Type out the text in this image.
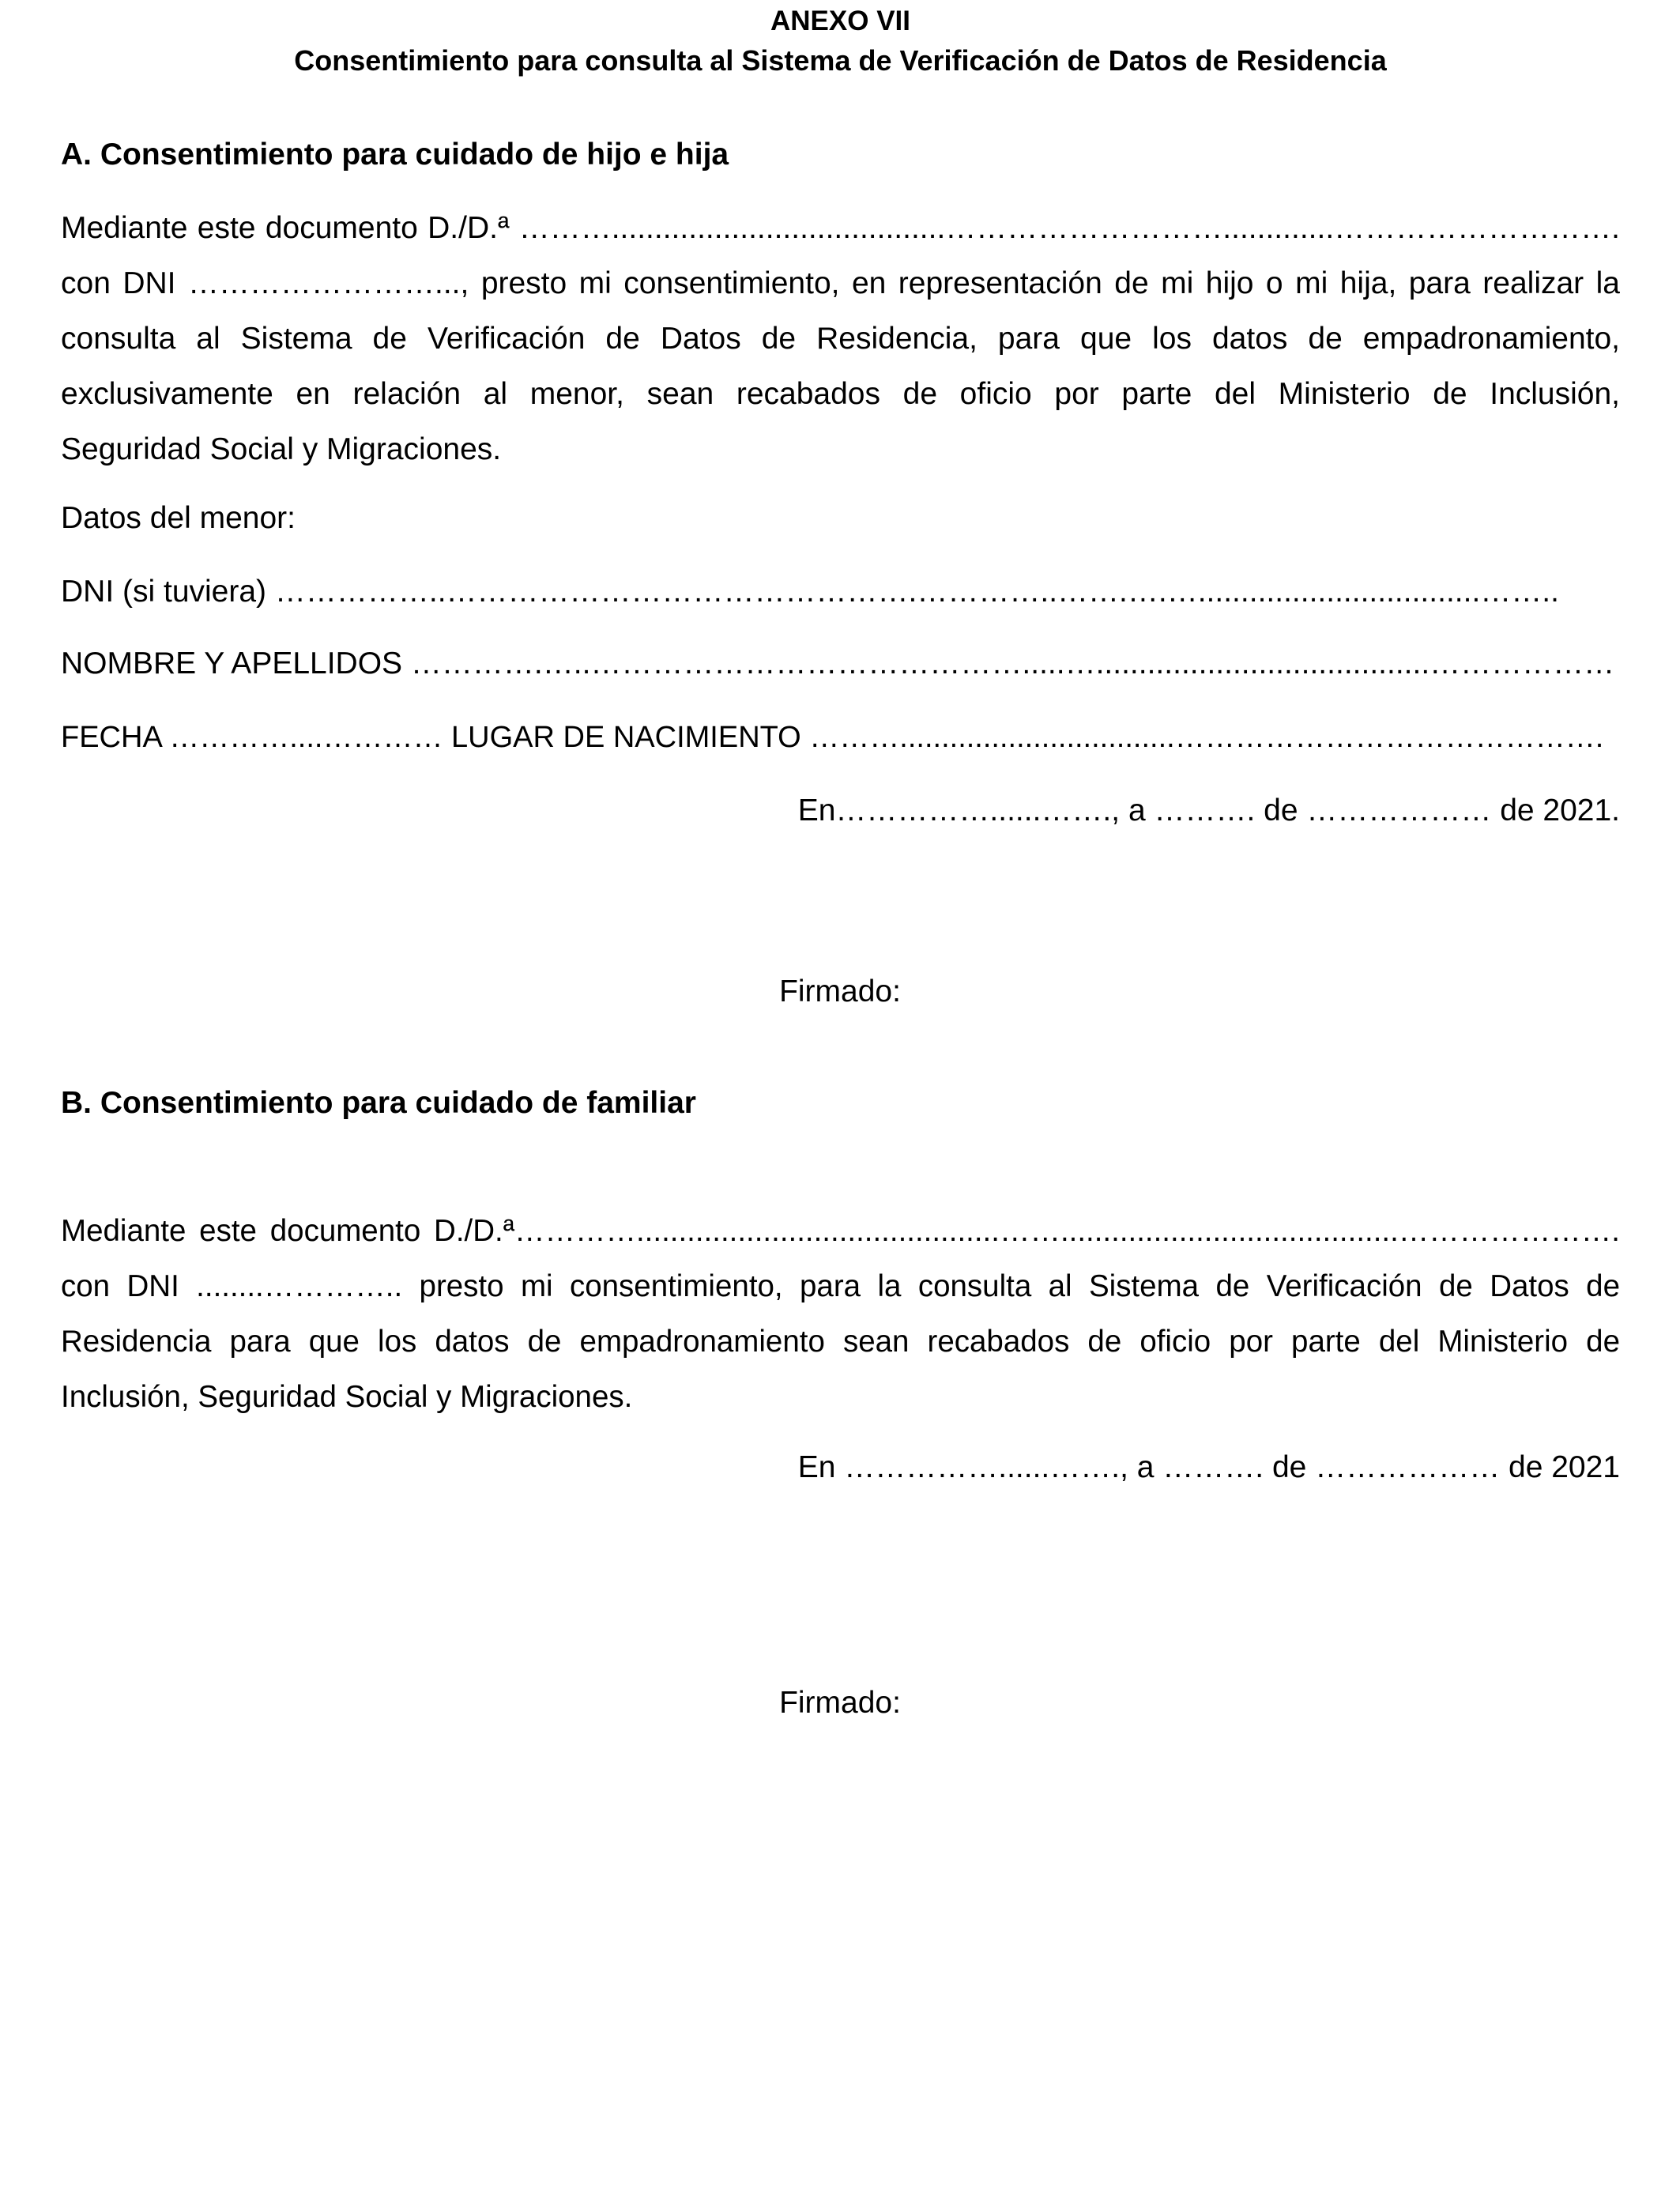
ANEXO VII
Consentimiento para consulta al Sistema de Verificación de Datos de Residencia
A. Consentimiento para cuidado de hijo e hija
Mediante este documento D./D.ª ……….......................................……………………….............……………………….
con DNI ……………………..., presto mi consentimiento, en representación de mi hijo o mi hija, para realizar la
consulta al Sistema de Verificación de Datos de Residencia, para que los datos de empadronamiento,
exclusivamente en relación al menor, sean recabados de oficio por parte del Ministerio de Inclusión,
Seguridad Social y Migraciones.
Datos del menor:
DNI (si tuviera) ……………..……………………………………….…………..…….….….................................……..
NOMBRE Y APELLIDOS ………….…..…………………………………….....….......................................………………
FECHA …………....………… LUGAR DE NACIMIENTO ……….................................…………………………………….
En……………......……., a ………. de ……………… de 2021.
Firmado:
B. Consentimiento para cuidado de familiar
Mediante este documento D./D.ª…………...........................................……........................................………………….
con DNI ........………….. presto mi consentimiento, para la consulta al Sistema de Verificación de Datos de
Residencia para que los datos de empadronamiento sean recabados de oficio por parte del Ministerio de
Inclusión, Seguridad Social y Migraciones.
En ……………......……., a ………. de ……………… de 2021
Firmado:
